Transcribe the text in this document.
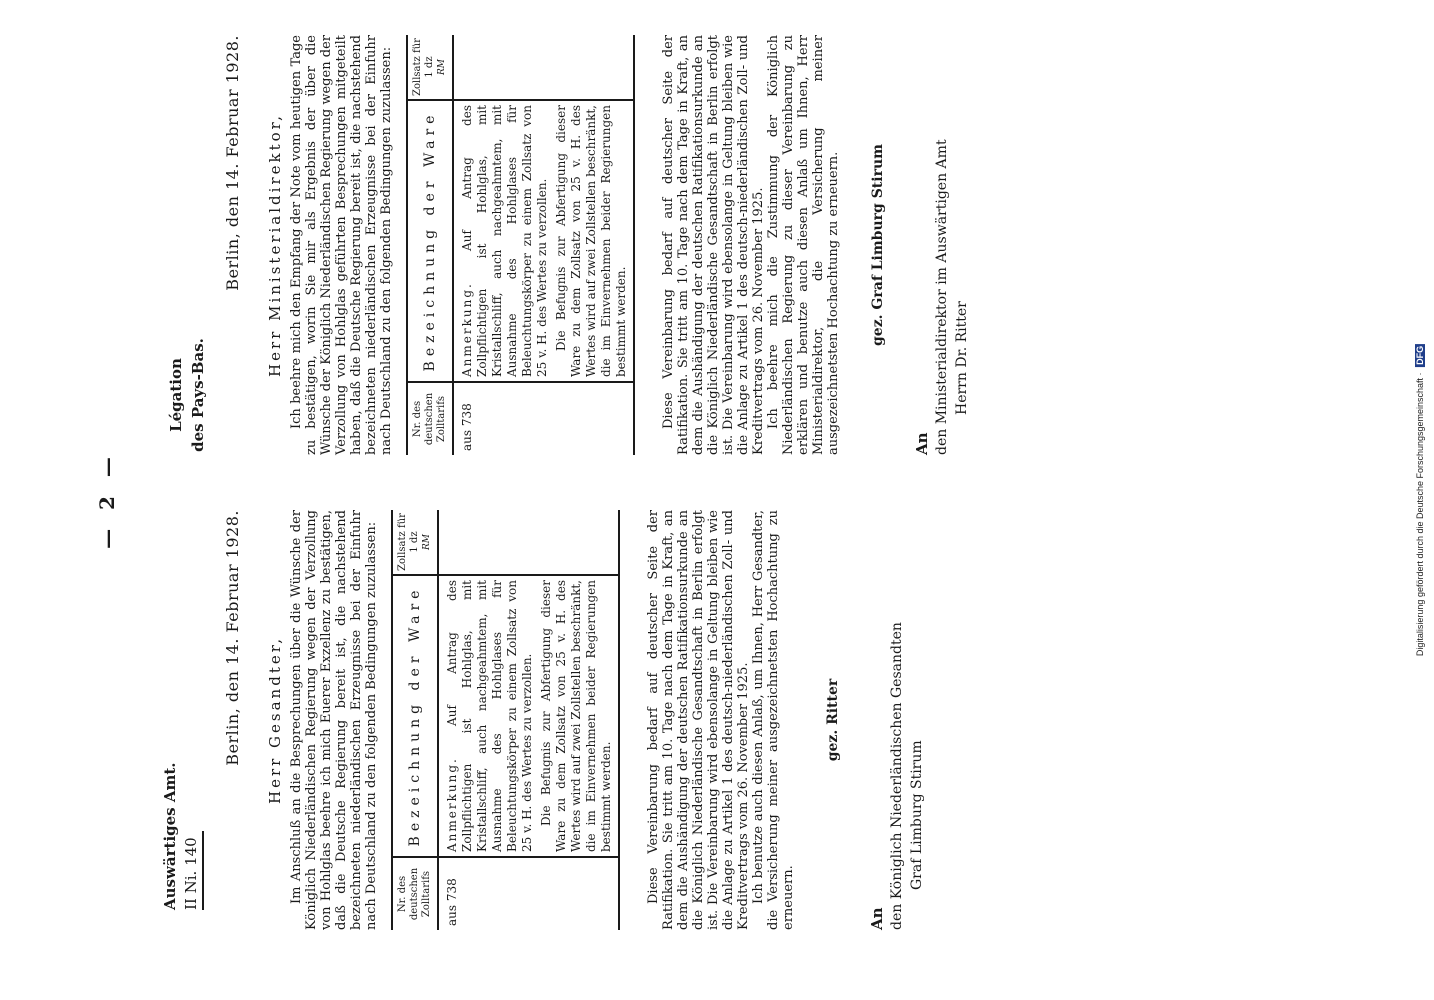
Auswärtiges Amt. II Ni. 140
— 2 —
Légation des Pays-Bas.
Berlin, den 14. Februar 1928. Herr Gesandter, Im Anschluß an die Besprechungen über die Wünsche der Königlich Niederländischen Regierung wegen der Verzollung von Hohlglas beehre ich mich Euerer Exzellenz zu bestätigen, daß die Deutsche Regierung bereit ist, die nachstehend bezeichneten niederländischen Erzeugnisse bei der Einfuhr nach Deutschland zu den folgenden Bedingungen zuzulassen: Nr. des deutschen Zolltarifs	Bezeichnung der Ware	Zollsatz für 1 dz RM
aus 738	Anmerkung. Auf Antrag des Zollpflichtigen ist Hohlglas, mit Kristallschliff, auch nachgeahmtem, mit Ausnahme des Hohlglases für Beleuchtungskörper zu einem Zollsatz von 25 v. H. des Wertes zu verzollen. Die Befugnis zur Abfertigung dieser Ware zu dem Zollsatz von 25 v. H. des Wertes wird auf zwei Zollstellen beschränkt, die im Einvernehmen beider Regierungen bestimmt werden.	
		Diese Vereinbarung bedarf auf deutscher Seite der Ratifikation. Sie tritt am 10. Tage nach dem Tage in Kraft, an dem die Aushändigung der deutschen Ratifikationsurkunde an die Königlich Niederländische Gesandtschaft in Berlin erfolgt ist. Die Vereinbarung wird ebensolange in Geltung bleiben wie die Anlage zu Artikel 1 des deutsch-niederländischen Zoll- und Kreditvertrags vom 26. November 1925. Ich benutze auch diesen Anlaß, um Ihnen, Herr Gesandter, die Versicherung meiner ausgezeichnetsten Hochachtung zu erneuern.

gez. Ritter
An den Königlich Niederländischen Gesandten Graf Limburg Stirum
Berlin, den 14. Februar 1928. Herr Ministerialdirektor, Ich beehre mich den Empfang der Note vom heutigen Tage zu bestätigen, worin Sie mir als Ergebnis der über die Wünsche der Königlich Niederländischen Regierung wegen der Verzollung von Hohlglas geführten Besprechungen mitgeteilt haben, daß die Deutsche Regierung bereit ist, die nachstehend bezeichneten niederländischen Erzeugnisse bei der Einfuhr nach Deutschland zu den folgenden Bedingungen zuzulassen: Nr. des deutschen Zolltarifs	Bezeichnung der Ware	Zollsatz für 1 dz RM
aus 738	Anmerkung. Auf Antrag des Zollpflichtigen ist Hohlglas, mit Kristallschliff, auch nachgeahmtem, mit Ausnahme des Hohlglases für Beleuchtungskörper zu einem Zollsatz von 25 v. H. des Wertes zu verzollen. Die Befugnis zur Abfertigung dieser Ware zu dem Zollsatz von 25 v. H. des Wertes wird auf zwei Zollstellen beschränkt, die im Einvernehmen beider Regierungen bestimmt werden.	
		Diese Vereinbarung bedarf auf deutscher Seite der Ratifikation. Sie tritt am 10. Tage nach dem Tage in Kraft, an dem die Aushändigung der deutschen Ratifikationsurkunde an die Königlich Niederländische Gesandtschaft in Berlin erfolgt ist. Die Vereinbarung wird ebensolange in Geltung bleiben wie die Anlage zu Artikel 1 des deutsch-niederländischen Zoll- und Kreditvertrags vom 26. November 1925. Ich beehre mich die Zustimmung der Königlich Niederländischen Regierung zu dieser Vereinbarung zu erklären und benutze auch diesen Anlaß um Ihnen, Herr Ministerialdirektor, die Versicherung meiner ausgezeichnetsten Hochachtung zu erneuern. gez. Graf Limburg Stirum
An den Ministerialdirektor im Auswärtigen Amt Herrn Dr. Ritter
Digitalisierung gefördert durch die Deutsche Forschungsgemeinschaft · DFG
